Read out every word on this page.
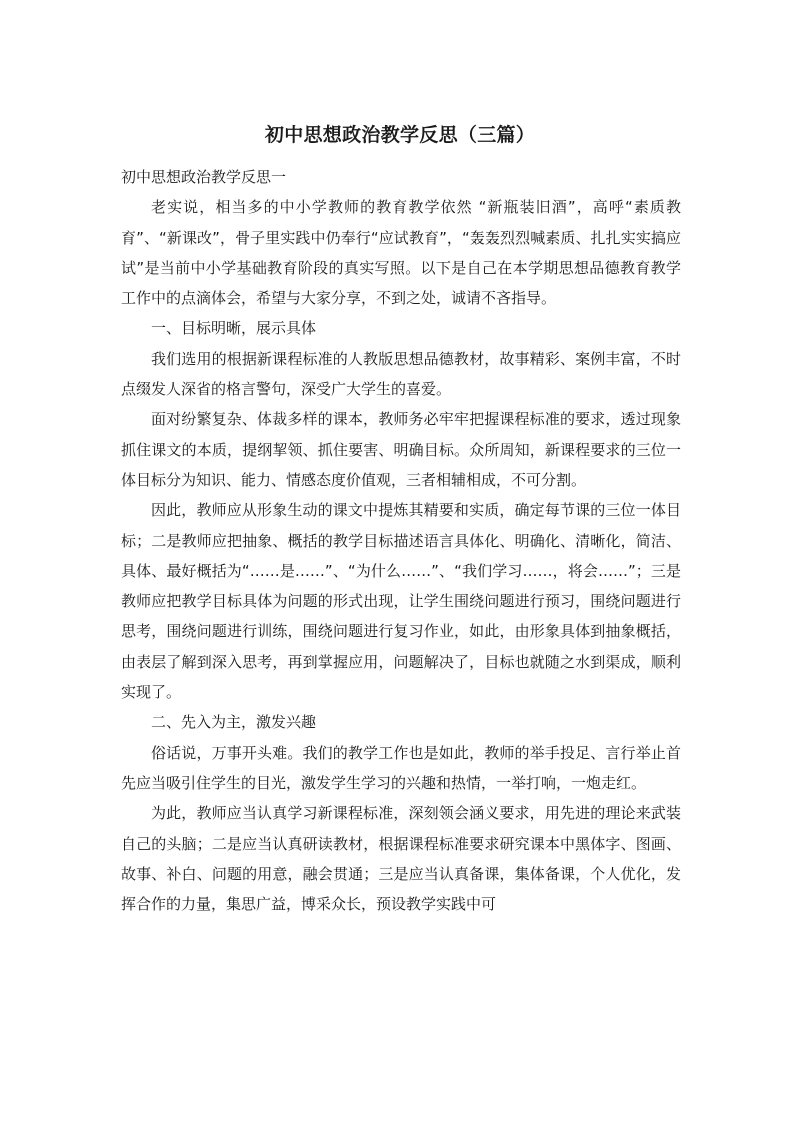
初中思想政治教学反思（三篇）

初中思想政治教学反思一

老实说，相当多的中小学教师的教育教学依然 “新瓶装旧酒”，高呼“素质教育”、“新课改”，骨子里实践中仍奉行“应试教育”，“轰轰烈烈喊素质、扎扎实实搞应试”是当前中小学基础教育阶段的真实写照。以下是自己在本学期思想品德教育教学工作中的点滴体会，希望与大家分享，不到之处，诚请不吝指导。

一、目标明晰，展示具体

我们选用的根据新课程标准的人教版思想品德教材，故事精彩、案例丰富，不时点缀发人深省的格言警句，深受广大学生的喜爱。

面对纷繁复杂、体裁多样的课本，教师务必牢牢把握课程标准的要求，透过现象抓住课文的本质，提纲挈领、抓住要害、明确目标。众所周知，新课程要求的三位一体目标分为知识、能力、情感态度价值观，三者相辅相成，不可分割。

因此，教师应从形象生动的课文中提炼其精要和实质，确定每节课的三位一体目标；二是教师应把抽象、概括的教学目标描述语言具体化、明确化、清晰化，简洁、具体、最好概括为“……是……”、“为什么……”、“我们学习……，将会……”；三是教师应把教学目标具体为问题的形式出现，让学生围绕问题进行预习，围绕问题进行思考，围绕问题进行训练，围绕问题进行复习作业，如此，由形象具体到抽象概括，由表层了解到深入思考，再到掌握应用，问题解决了，目标也就随之水到渠成，顺利实现了。

二、先入为主，激发兴趣

俗话说，万事开头难。我们的教学工作也是如此，教师的举手投足、言行举止首先应当吸引住学生的目光，激发学生学习的兴趣和热情，一举打响，一炮走红。

为此，教师应当认真学习新课程标准，深刻领会涵义要求，用先进的理论来武装自己的头脑；二是应当认真研读教材，根据课程标准要求研究课本中黑体字、图画、故事、补白、问题的用意，融会贯通；三是应当认真备课，集体备课，个人优化，发挥合作的力量，集思广益，博采众长，预设教学实践中可
